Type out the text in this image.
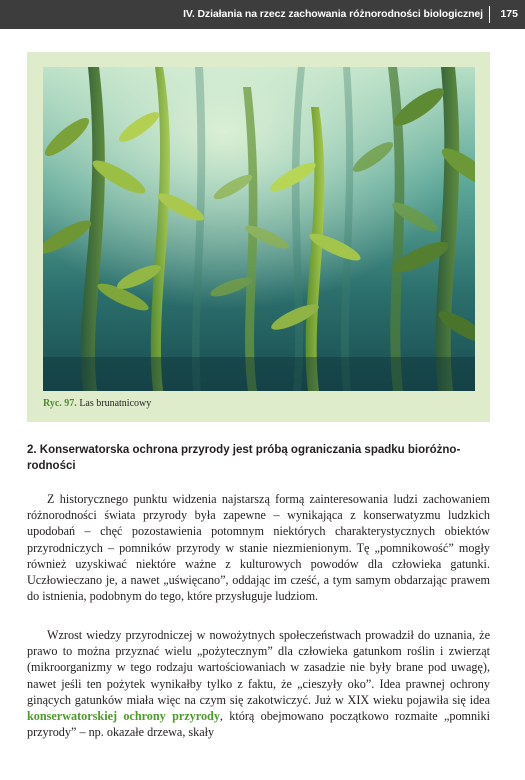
IV. Działania na rzecz zachowania różnorodności biologicznej 175
Ryc. 97. Las brunatnicowy
2. Konserwatorska ochrona przyrody jest próbą ograniczania spadku bioróżnorodności

Z historycznego punktu widzenia najstarszą formą zainteresowania ludzi zachowaniem różnorodności świata przyrody była zapewne – wynikająca z konserwatyzmu ludzkich upodobań – chęć pozostawienia potomnym niektórych charakterystycznych obiektów przyrodniczych – pomników przyrody w stanie niezmienionym. Tę „pomnikowość” mogły również uzyskiwać niektóre ważne z kulturowych powodów dla człowieka gatunki. Uczłowieczano je, a nawet „uświęcano”, oddając im cześć, a tym samym obdarzając prawem do istnienia, podobnym do tego, które przysługuje ludziom.

Wzrost wiedzy przyrodniczej w nowożytnych społeczeństwach prowadził do uznania, że prawo to można przyznać wielu „pożytecznym” dla człowieka gatunkom roślin i zwierząt (mikroorganizmy w tego rodzaju wartościowaniach w zasadzie nie były brane pod uwagę), nawet jeśli ten pożytek wynikałby tylko z faktu, że „cieszyły oko”. Idea prawnej ochrony ginących gatunków miała więc na czym się zakotwiczyć. Już w XIX wieku pojawiła się idea konserwatorskiej ochrony przyrody, którą obejmowano początkowo rozmaite „pomniki przyrody” – np. okazałe drzewa, skały
